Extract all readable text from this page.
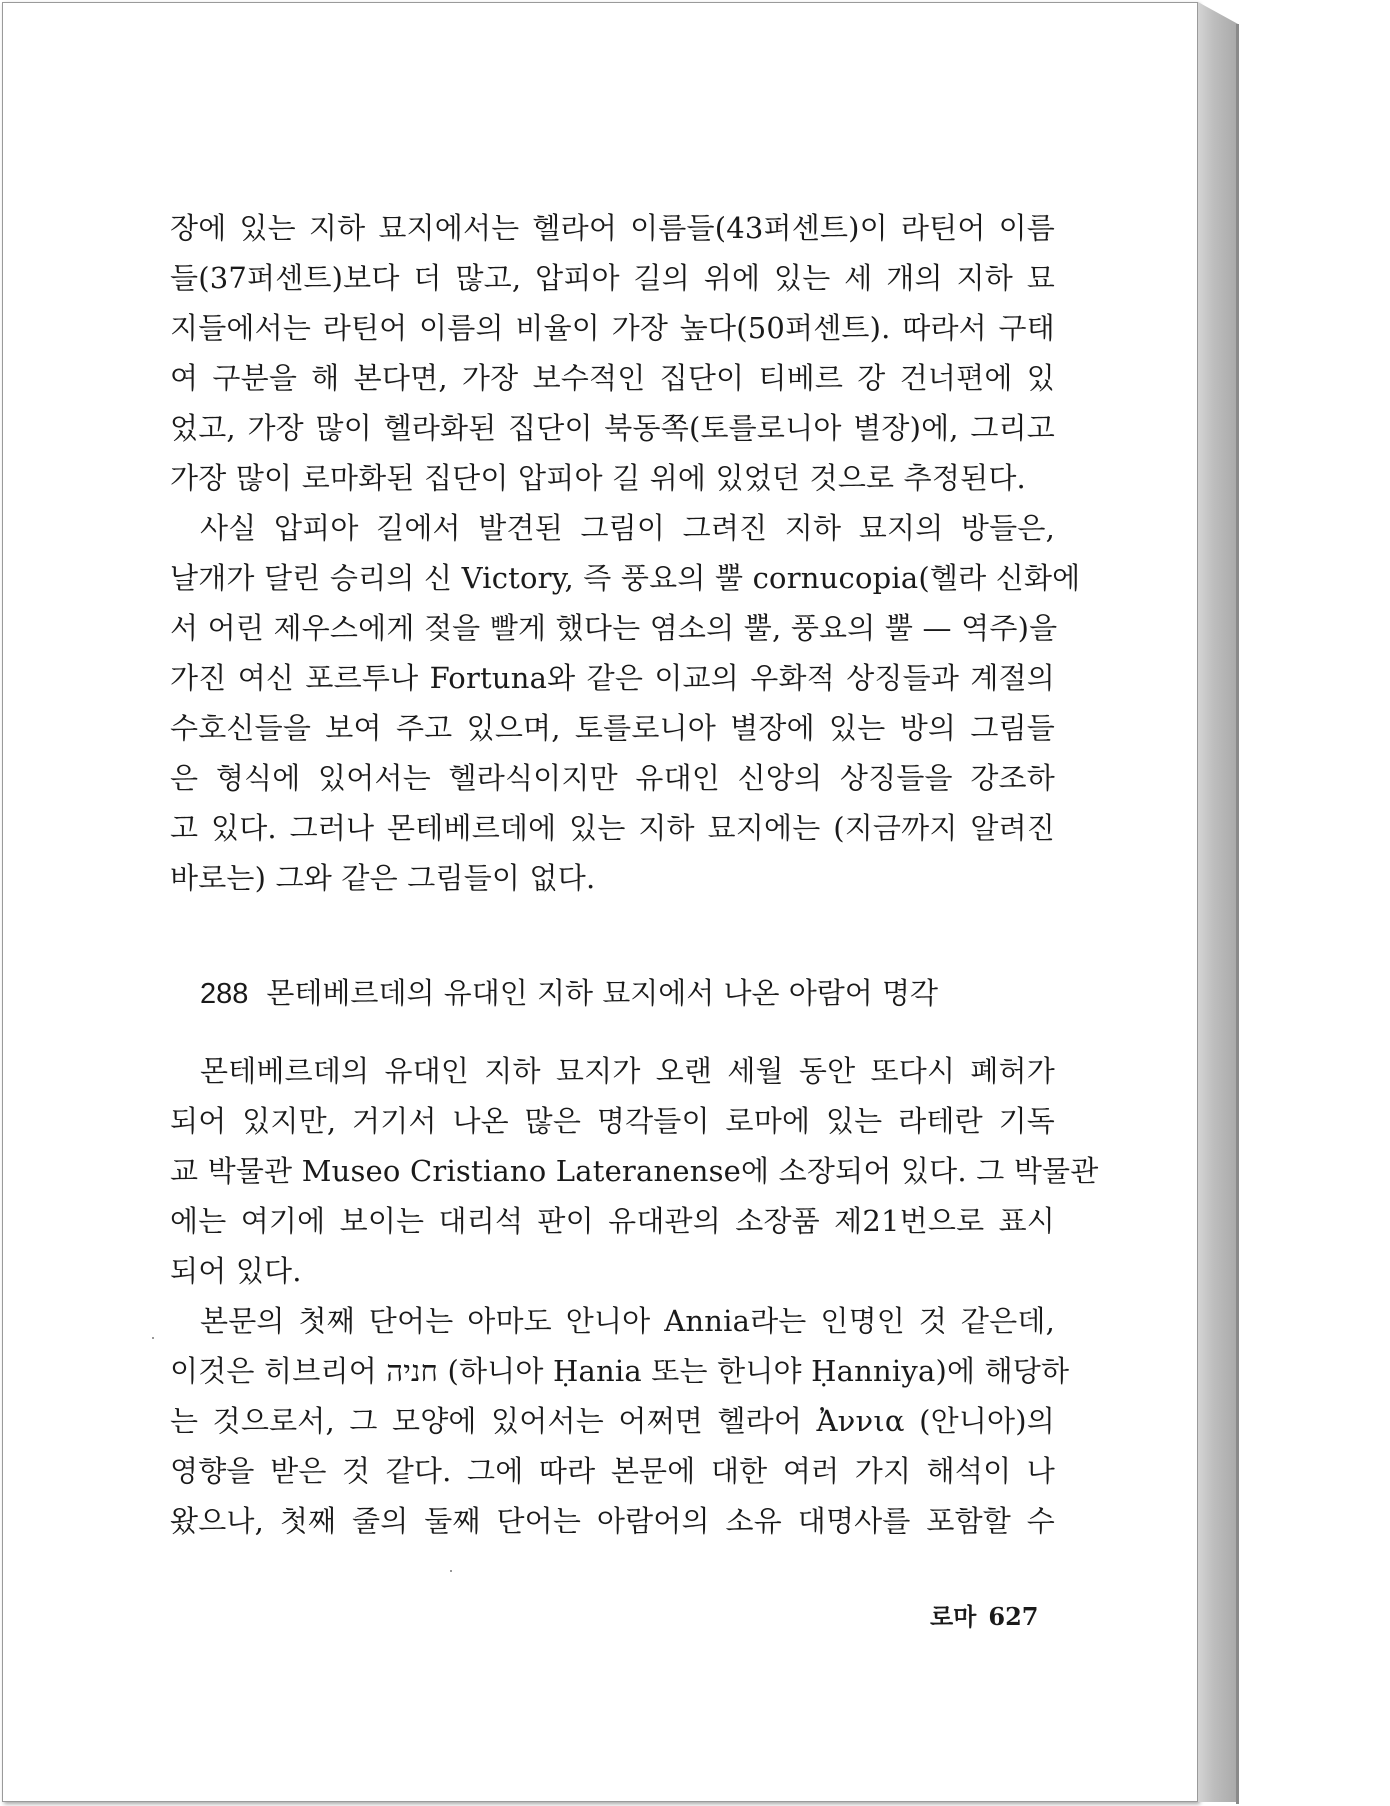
장에 있는 지하 묘지에서는 헬라어 이름들(43퍼센트)이 라틴어 이름
들(37퍼센트)보다 더 많고, 압피아 길의 위에 있는 세 개의 지하 묘
지들에서는 라틴어 이름의 비율이 가장 높다(50퍼센트). 따라서 구태
여 구분을 해 본다면, 가장 보수적인 집단이 티베르 강 건너편에 있
었고, 가장 많이 헬라화된 집단이 북동쪽(토를로니아 별장)에, 그리고
가장 많이 로마화된 집단이 압피아 길 위에 있었던 것으로 추정된다.
사실 압피아 길에서 발견된 그림이 그려진 지하 묘지의 방들은,
날개가 달린 승리의 신 Victory, 즉 풍요의 뿔 cornucopia(헬라 신화에
서 어린 제우스에게 젖을 빨게 했다는 염소의 뿔, 풍요의 뿔 — 역주)을
가진 여신 포르투나 Fortuna와 같은 이교의 우화적 상징들과 계절의
수호신들을 보여 주고 있으며, 토를로니아 별장에 있는 방의 그림들
은 형식에 있어서는 헬라식이지만 유대인 신앙의 상징들을 강조하
고 있다. 그러나 몬테베르데에 있는 지하 묘지에는 (지금까지 알려진
바로는) 그와 같은 그림들이 없다.
288 몬테베르데의 유대인 지하 묘지에서 나온 아람어 명각
몬테베르데의 유대인 지하 묘지가 오랜 세월 동안 또다시 폐허가
되어 있지만, 거기서 나온 많은 명각들이 로마에 있는 라테란 기독
교 박물관 Museo Cristiano Lateranense에 소장되어 있다. 그 박물관
에는 여기에 보이는 대리석 판이 유대관의 소장품 제21번으로 표시
되어 있다.
본문의 첫째 단어는 아마도 안니아 Annia라는 인명인 것 같은데,
이것은 히브리어 חניה (하니아 Ḥania 또는 한니야 Ḥanniya)에 해당하
는 것으로서, 그 모양에 있어서는 어쩌면 헬라어 Ἀννια (안니아)의
영향을 받은 것 같다. 그에 따라 본문에 대한 여러 가지 해석이 나
왔으나, 첫째 줄의 둘째 단어는 아람어의 소유 대명사를 포함할 수
로마 627
